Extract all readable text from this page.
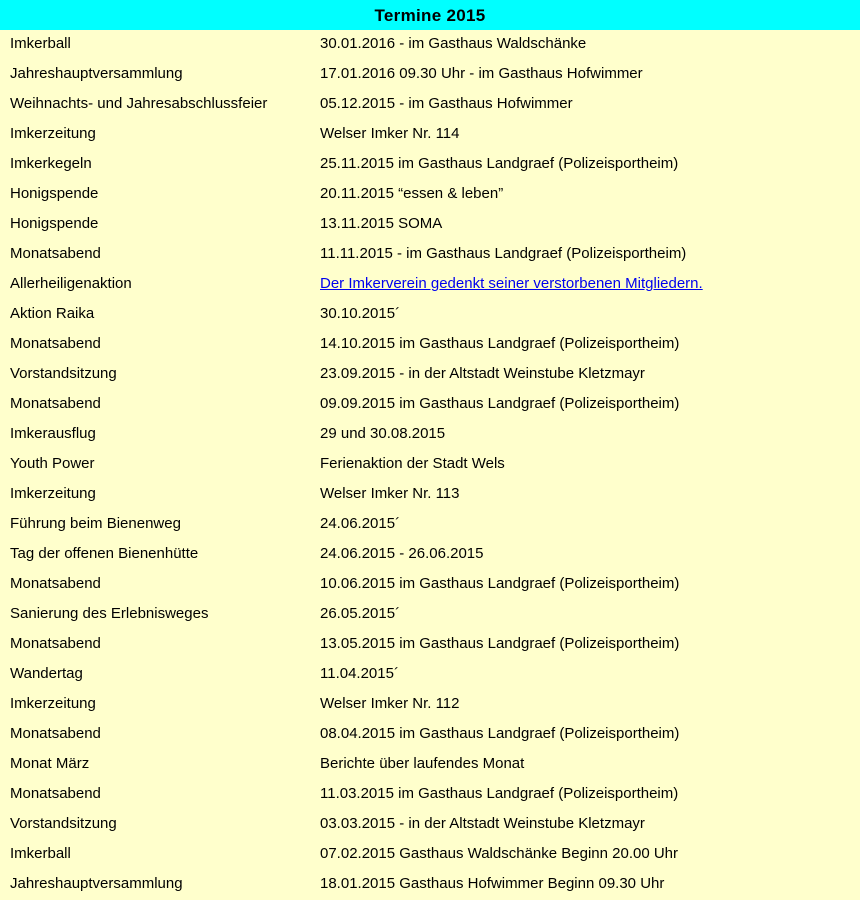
Termine 2015
Imkerball	30.01.2016 - im Gasthaus Waldschänke
Jahreshauptversammlung	17.01.2016 09.30 Uhr - im Gasthaus Hofwimmer
Weihnachts- und Jahresabschlussfeier	05.12.2015 - im Gasthaus Hofwimmer
Imkerzeitung	Welser Imker Nr. 114
Imkerkegeln	25.11.2015 im Gasthaus Landgraef (Polizeisportheim)
Honigspende	20.11.2015 “essen & leben”
Honigspende	13.11.2015 SOMA
Monatsabend	11.11.2015 - im Gasthaus Landgraef (Polizeisportheim)
Allerheiligenaktion	Der Imkerverein gedenkt seiner verstorbenen Mitgliedern.
Aktion Raika	30.10.2015´
Monatsabend	14.10.2015 im Gasthaus Landgraef (Polizeisportheim)
Vorstandsitzung	23.09.2015 - in der Altstadt Weinstube Kletzmayr
Monatsabend	09.09.2015 im Gasthaus Landgraef (Polizeisportheim)
Imkerausflug	29 und 30.08.2015
Youth Power	Ferienaktion der Stadt Wels
Imkerzeitung	Welser Imker Nr. 113
Führung beim Bienenweg	24.06.2015´
Tag der offenen Bienenhütte	24.06.2015 - 26.06.2015
Monatsabend	10.06.2015 im Gasthaus Landgraef (Polizeisportheim)
Sanierung des Erlebnisweges	26.05.2015´
Monatsabend	13.05.2015 im Gasthaus Landgraef (Polizeisportheim)
Wandertag	11.04.2015´
Imkerzeitung	Welser Imker Nr. 112
Monatsabend	08.04.2015 im Gasthaus Landgraef (Polizeisportheim)
Monat März	Berichte über laufendes Monat
Monatsabend	11.03.2015 im Gasthaus Landgraef (Polizeisportheim)
Vorstandsitzung	03.03.2015 - in der Altstadt Weinstube Kletzmayr
Imkerball	07.02.2015 Gasthaus Waldschänke Beginn 20.00 Uhr
Jahreshauptversammlung	18.01.2015 Gasthaus Hofwimmer Beginn 09.30 Uhr
